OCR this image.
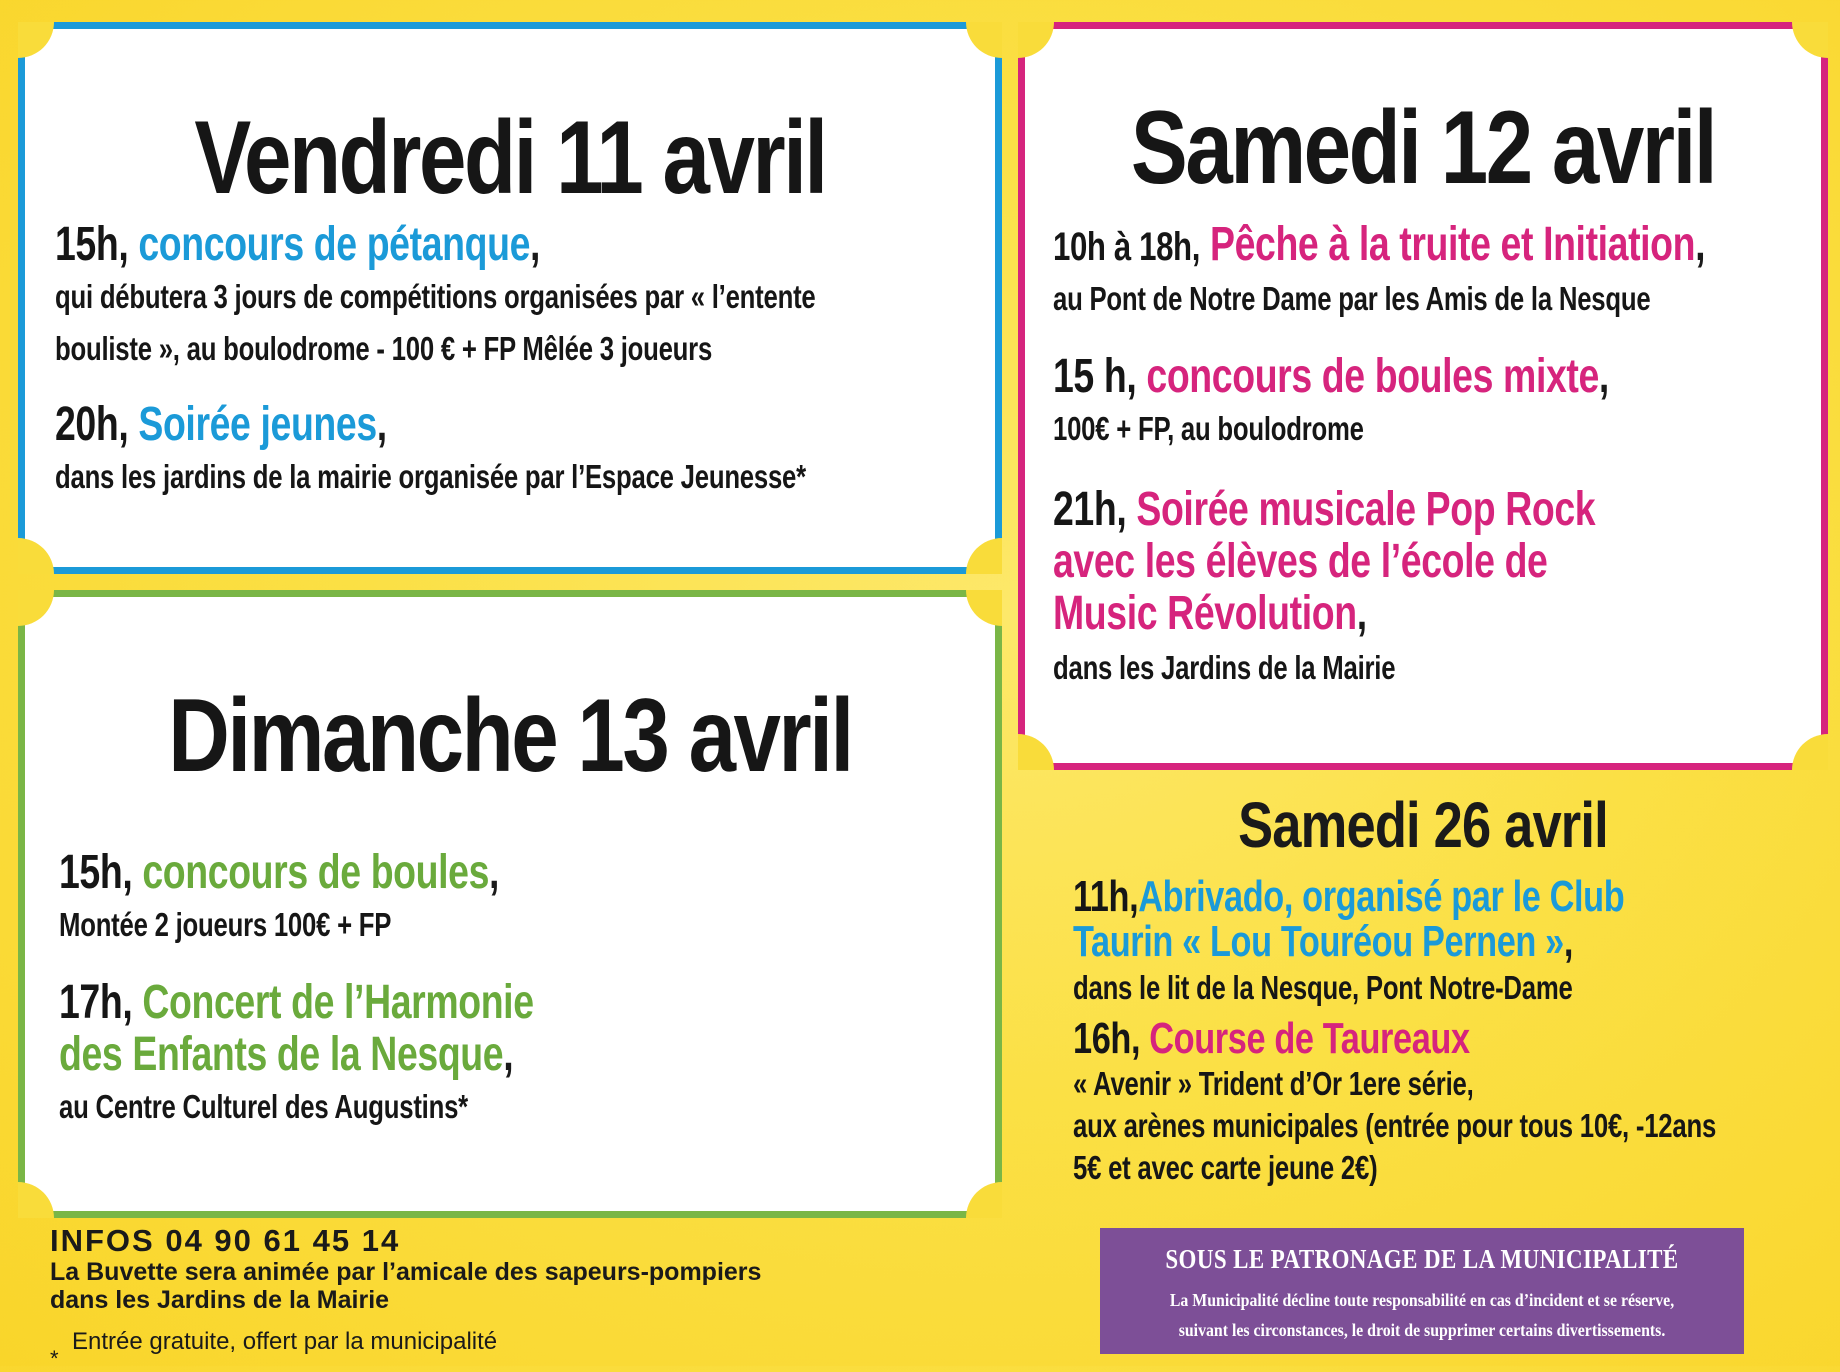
Vendredi 11 avril
15h, concours de pétanque,
qui débutera 3 jours de compétitions organisées par « l’entente
bouliste », au boulodrome - 100 € + FP Mêlée 3 joueurs
20h, Soirée jeunes,
dans les jardins de la mairie organisée par l’Espace Jeunesse*
Samedi 12 avril
10h à 18h, Pêche à la truite et Initiation,
au Pont de Notre Dame par les Amis de la Nesque
15 h, concours de boules mixte,
100€ + FP, au boulodrome
21h, Soirée musicale Pop Rock
avec les élèves de l’école de
Music Révolution,
dans les Jardins de la Mairie
Dimanche 13 avril
15h, concours de boules,
Montée 2 joueurs 100€ + FP
17h, Concert de l’Harmonie
des Enfants de la Nesque,
au Centre Culturel des Augustins*
Samedi 26 avril
11h,Abrivado, organisé par le Club
Taurin « Lou Touréou Pernen »,
dans le lit de la Nesque, Pont Notre-Dame
16h, Course de Taureaux
« Avenir » Trident d’Or 1ere série,
aux arènes municipales (entrée pour tous 10€, -12ans
5€ et avec carte jeune 2€)
INFOS 04 90 61 45 14
La Buvette sera animée par l’amicale des sapeurs-pompiers
dans les Jardins de la Mairie
*
Entrée gratuite, offert par la municipalité
SOUS LE PATRONAGE DE LA MUNICIPALITÉ
La Municipalité décline toute responsabilité en cas d’incident et se réserve,
suivant les circonstances, le droit de supprimer certains divertissements.
